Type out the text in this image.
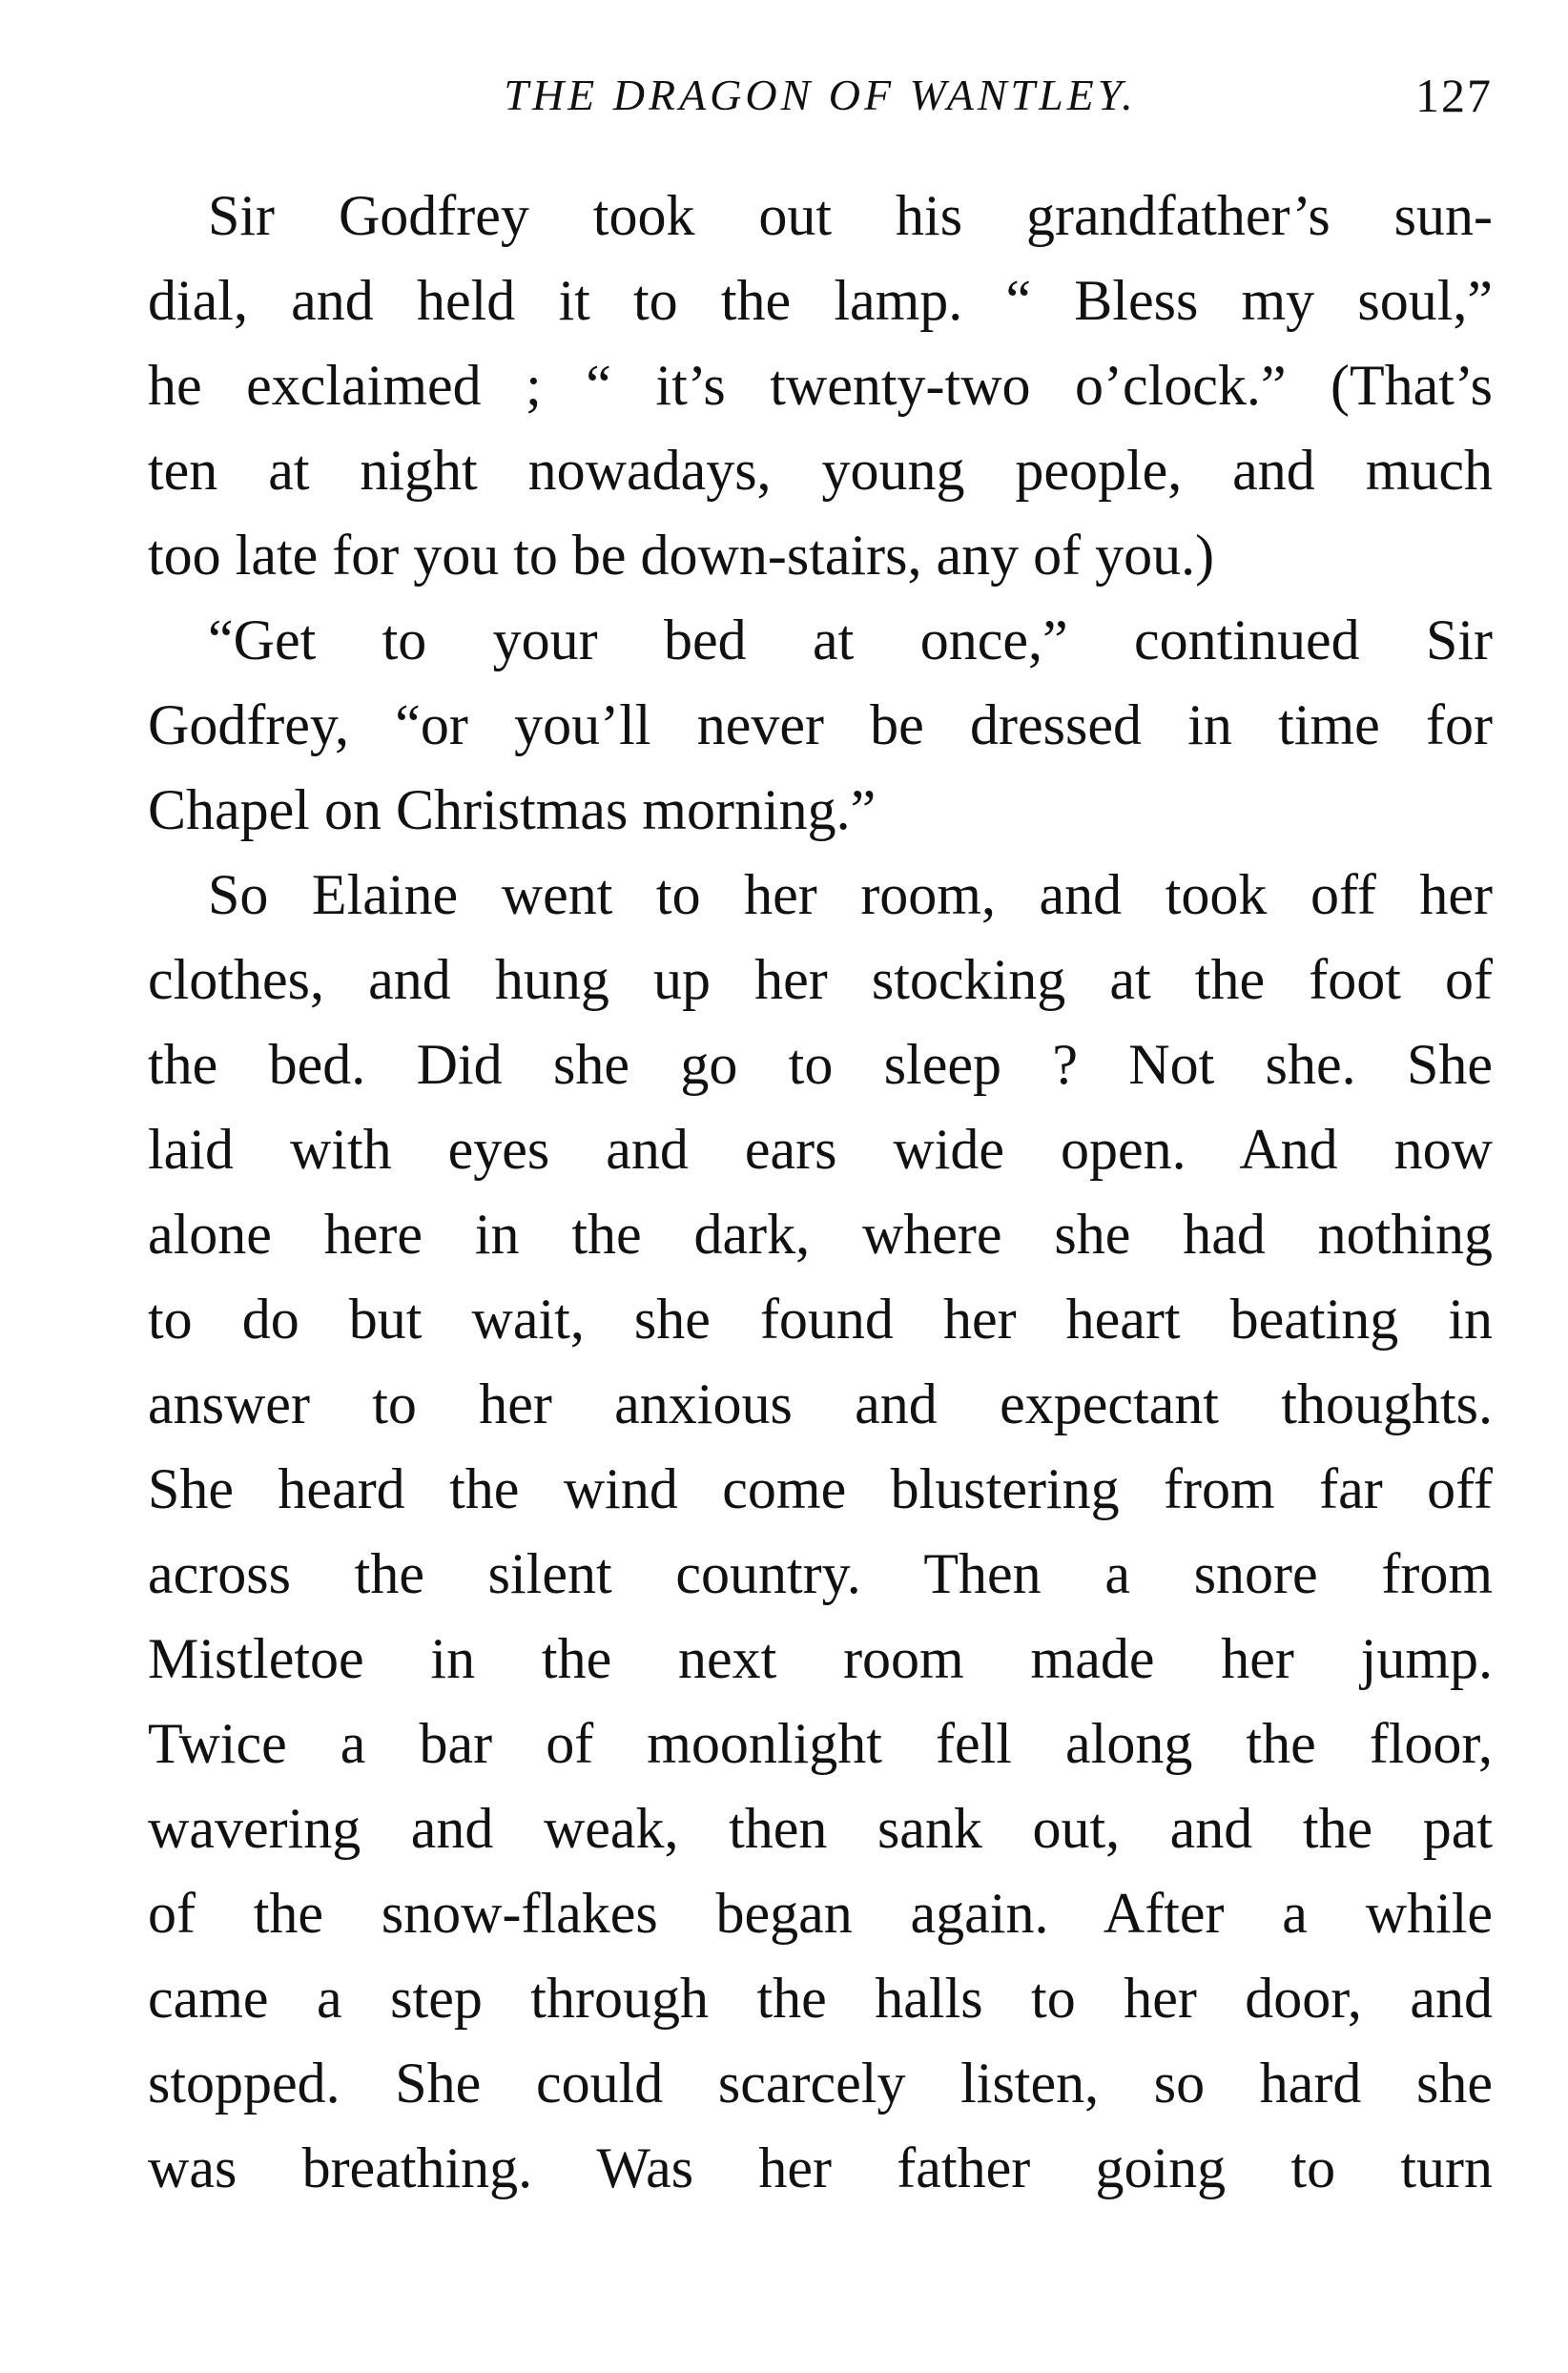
THE DRAGON OF WANTLEY.	127
Sir Godfrey took out his grandfather’s sun-
dial, and held it to the lamp. “ Bless my soul,”
he exclaimed ; “ it’s twenty-two o’clock.” (That’s
ten at night nowadays, young people, and much
too late for you to be down-stairs, any of you.)
“Get to your bed at once,” continued Sir
Godfrey, “or you’ll never be dressed in time for
Chapel on Christmas morning.”
So Elaine went to her room, and took off her
clothes, and hung up her stocking at the foot of
the bed. Did she go to sleep ? Not she. She
laid with eyes and ears wide open. And now
alone here in the dark, where she had nothing
to do but wait, she found her heart beating in
answer to her anxious and expectant thoughts.
She heard the wind come blustering from far off
across the silent country. Then a snore from
Mistletoe in the next room made her jump.
Twice a bar of moonlight fell along the floor,
wavering and weak, then sank out, and the pat
of the snow-flakes began again. After a while
came a step through the halls to her door, and
stopped. She could scarcely listen, so hard she
was breathing. Was her father going to turn
